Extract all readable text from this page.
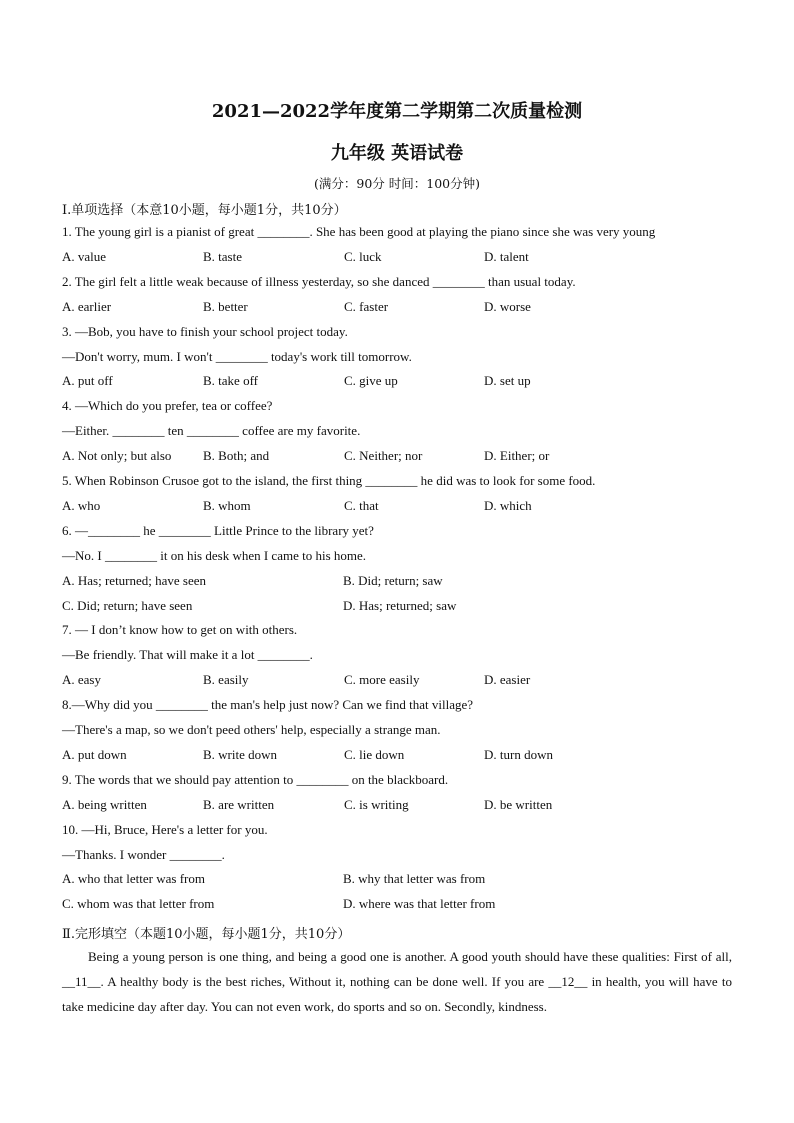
2021—2022学年度第二学期第二次质量检测
九年级 英语试卷
(满分：90分 时间：100分钟)
Ⅰ.单项选择（本意10小题，每小题1分，共10分）
1. The young girl is a pianist of great ________. She has been good at playing the piano since she was very young
A. value	B. taste	C. luck	D. talent
2. The girl felt a little weak because of illness yesterday, so she danced ________ than usual today.
A. earlier	B. better	C. faster	D. worse
3. —Bob, you have to finish your school project today.
—Don't worry, mum. I won't ________ today's work till tomorrow.
A. put off	B. take off	C. give up	D. set up
4. —Which do you prefer, tea or coffee?
—Either. ________ ten ________ coffee are my favorite.
A. Not only; but also B. Both; and	C. Neither; nor	D. Either; or
5. When Robinson Crusoe got to the island, the first thing ________ he did was to look for some food.
A. who	B. whom	C. that	D. which
6. —________ he ________ Little Prince to the library yet?
—No. I ________ it on his desk when I came to his home.
A. Has; returned; have seen	B. Did; return; saw
C. Did; return; have seen	D. Has; returned; saw
7. — I don’t know how to get on with others.
—Be friendly. That will make it a lot ________.
A. easy	B. easily	C. more easily	D. easier
8.—Why did you ________ the man's help just now? Can we find that village?
—There's a map, so we don't peed others' help, especially a strange man.
A. put down	B. write down	C. lie down	D. turn down
9. The words that we should pay attention to ________ on the blackboard.
A. being written	B. are written	C. is writing	D. be written
10. —Hi, Bruce, Here's a letter for you.
—Thanks. I wonder ________.
A. who that letter was from	B. why that letter was from
C. whom was that letter from	D. where was that letter from
Ⅱ.完形填空（本题10小题，每小题1分，共10分）
Being a young person is one thing, and being a good one is another. A good youth should have these qualities: First of all, __11__. A healthy body is the best riches, Without it, nothing can be done well. If you are __12__ in health, you will have to take medicine day after day. You can not even work, do sports and so on. Secondly, kindness.
